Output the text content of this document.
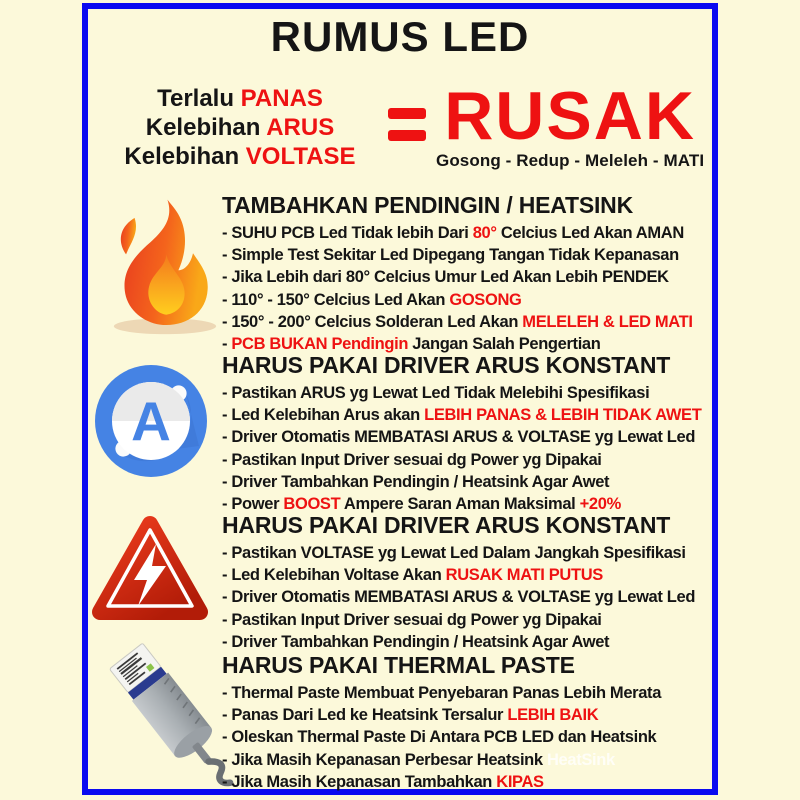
RUMUS LED
Terlalu PANAS
Kelebihan ARUS
Kelebihan VOLTASE
RUSAK
Gosong - Redup - Meleleh - MATI
TAMBAHKAN PENDINGIN / HEATSINK
- SUHU PCB Led Tidak lebih Dari 80° Celcius Led Akan AMAN
- Simple Test Sekitar Led Dipegang Tangan Tidak Kepanasan
- Jika Lebih dari 80° Celcius Umur Led Akan Lebih PENDEK
- 110° - 150° Celcius Led Akan GOSONG
- 150° - 200° Celcius Solderan Led Akan MELELEH & LED MATI
- PCB BUKAN Pendingin Jangan Salah Pengertian
A
HARUS PAKAI DRIVER ARUS KONSTANT
- Pastikan ARUS yg Lewat Led Tidak Melebihi Spesifikasi
- Led Kelebihan Arus akan LEBIH PANAS & LEBIH TIDAK AWET
- Driver Otomatis MEMBATASI ARUS & VOLTASE yg Lewat Led
- Pastikan Input Driver sesuai dg Power yg Dipakai
- Driver Tambahkan Pendingin / Heatsink Agar Awet
- Power BOOST Ampere Saran Aman Maksimal +20%
HARUS PAKAI DRIVER ARUS KONSTANT
- Pastikan VOLTASE yg Lewat Led Dalam Jangkah Spesifikasi
- Led Kelebihan Voltase Akan RUSAK MATI PUTUS
- Driver Otomatis MEMBATASI ARUS & VOLTASE yg Lewat Led
- Pastikan Input Driver sesuai dg Power yg Dipakai
- Driver Tambahkan Pendingin / Heatsink Agar Awet
HARUS PAKAI THERMAL PASTE
- Thermal Paste Membuat Penyebaran Panas Lebih Merata
- Panas Dari Led ke Heatsink Tersalur LEBIH BAIK
- Oleskan Thermal Paste Di Antara PCB LED dan Heatsink
- Jika Masih Kepanasan Perbesar Heatsink HeatSink
- Jika Masih Kepanasan Tambahkan KIPAS
